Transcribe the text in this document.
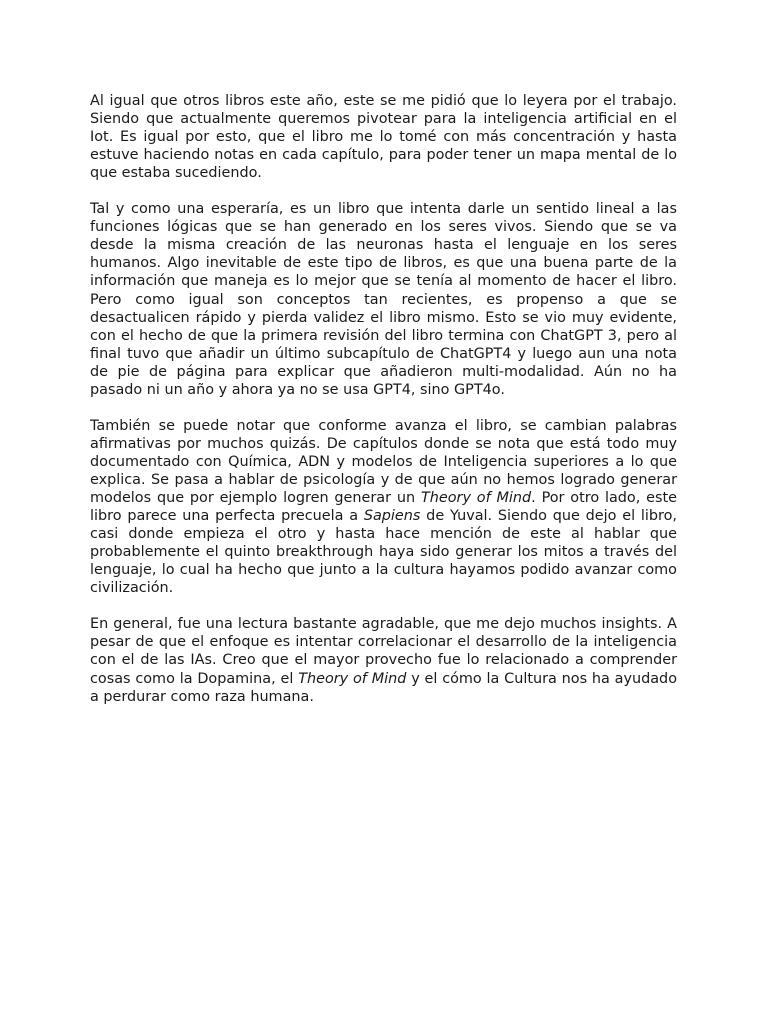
Al igual que otros libros este año, este se me pidió que lo leyera por el trabajo. Siendo que actualmente queremos pivotear para la inteligencia artificial en el Iot. Es igual por esto, que el libro me lo tomé con más concentración y hasta estuve haciendo notas en cada capítulo, para poder tener un mapa mental de lo que estaba sucediendo.

Tal y como una esperaría, es un libro que intenta darle un sentido lineal a las funciones lógicas que se han generado en los seres vivos. Siendo que se va desde la misma creación de las neuronas hasta el lenguaje en los seres humanos. Algo inevitable de este tipo de libros, es que una buena parte de la información que maneja es lo mejor que se tenía al momento de hacer el libro. Pero como igual son conceptos tan recientes, es propenso a que se desactualicen rápido y pierda validez el libro mismo. Esto se vio muy evidente, con el hecho de que la primera revisión del libro termina con ChatGPT 3, pero al final tuvo que añadir un último subcapítulo de ChatGPT4 y luego aun una nota de pie de página para explicar que añadieron multi-modalidad. Aún no ha pasado ni un año y ahora ya no se usa GPT4, sino GPT4o.

También se puede notar que conforme avanza el libro, se cambian palabras afirmativas por muchos quizás. De capítulos donde se nota que está todo muy documentado con Química, ADN y modelos de Inteligencia superiores a lo que explica. Se pasa a hablar de psicología y de que aún no hemos logrado generar modelos que por ejemplo logren generar un Theory of Mind. Por otro lado, este libro parece una perfecta precuela a Sapiens de Yuval. Siendo que dejo el libro, casi donde empieza el otro y hasta hace mención de este al hablar que probablemente el quinto breakthrough haya sido generar los mitos a través del lenguaje, lo cual ha hecho que junto a la cultura hayamos podido avanzar como civilización.

En general, fue una lectura bastante agradable, que me dejo muchos insights. A pesar de que el enfoque es intentar correlacionar el desarrollo de la inteligencia con el de las IAs. Creo que el mayor provecho fue lo relacionado a comprender cosas como la Dopamina, el Theory of Mind y el cómo la Cultura nos ha ayudado a perdurar como raza humana.
